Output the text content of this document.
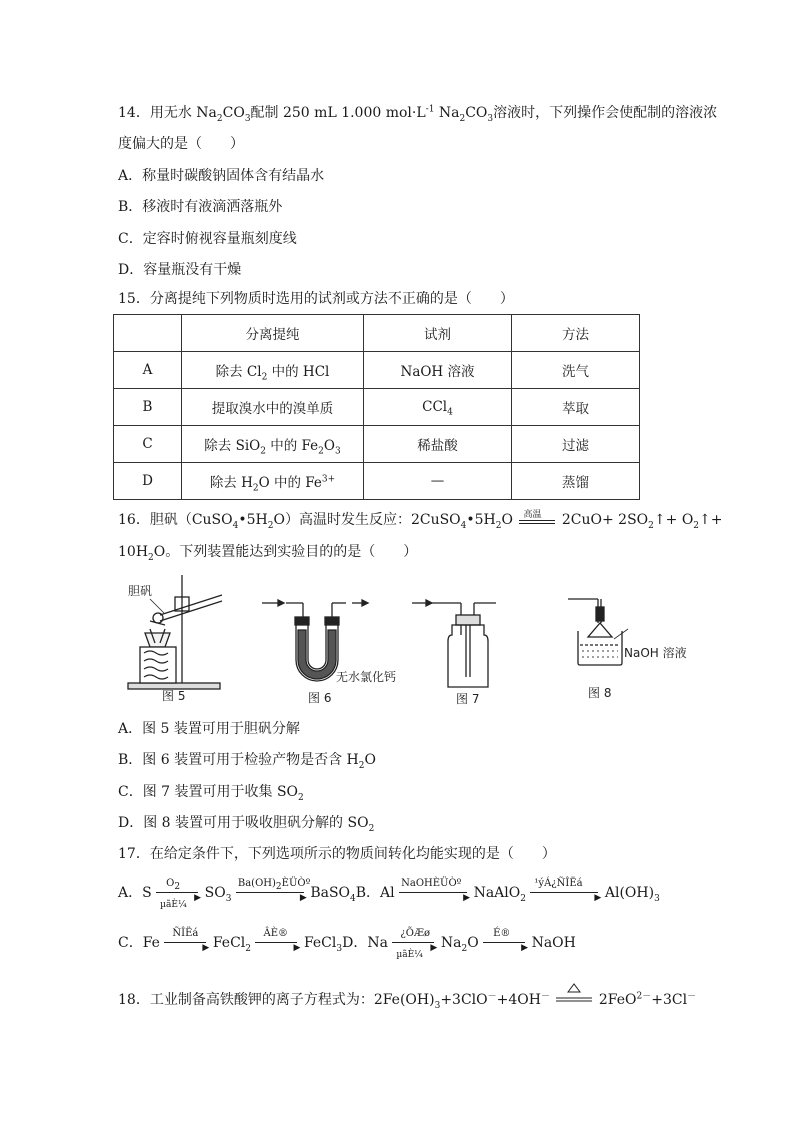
14．用无水 $Na_2CO_3$配制 250 mL 1.000 $mol\cdot L^{-1}$ $Na_2CO_3$溶液时，下列操作会使配制的溶液浓
度偏大的是（　　）
A．称量时碳酸钠固体含有结晶水
B．移液时有液滴洒落瓶外
C．定容时俯视容量瓶刻度线
D．容量瓶没有干燥
15．分离提纯下列物质时选用的试剂或方法不正确的是（　　）
	分离提纯	试剂	方法
A	除去 $Cl_2$ 中的 HCl	NaOH 溶液	洗气
B	提取溴水中的溴单质	CCl$_4$	萃取
C	除去 SiO$_2$ 中的 $Fe_2O_3$	稀盐酸	过滤
D	除去 $H_2O$ 中的 $Fe^{3+}$	—	蒸馏
16．胆矾$(CuSO_4•5H_2O)$高温时发生反应：$2CuSO_4•5H_2O$ 高温 $2CuO+ 2SO_2↑+$ $O_2↑+$
$10H_2O$。下列装置能达到实验目的的是（　　）
胆矾
无水氯化钙
NaOH 溶液
图 5	图 6	图 7	图 8
A．图 5 装置可用于胆矾分解
B．图 6 装置可用于检验产物是否含 $H_2O$
C．图 7 装置可用于收集 $SO_2$
D．图 8 装置可用于吸收胆矾分解的 $SO_2$
17．在给定条件下，下列选项所示的物质间转化均能实现的是（　　）
A．S
$O_2$
▶
µãÈ¼
$SO_3$
$Ba(OH)_2ÈÜÒº$
▶ BaSO$_4$B．Al
NaOHÈÜÒº
▶ NaAlO$_2$
¹ýÁ¿ÑÎËá
▶ $Al(OH)_3$
C．Fe
ÑÎËá
▶ FeCl$_2$
ÂÈ®
▶ FeCl$_3$D．Na
¿ÕÆø
▶
µãÈ¼
$Na_2O$
É®
▶ NaOH
18．工业制备高铁酸钾的离子方程式为：$2Fe(OH)_3+3ClO^-+4OH^-$	2FeO$^{2-}$+3Cl－
